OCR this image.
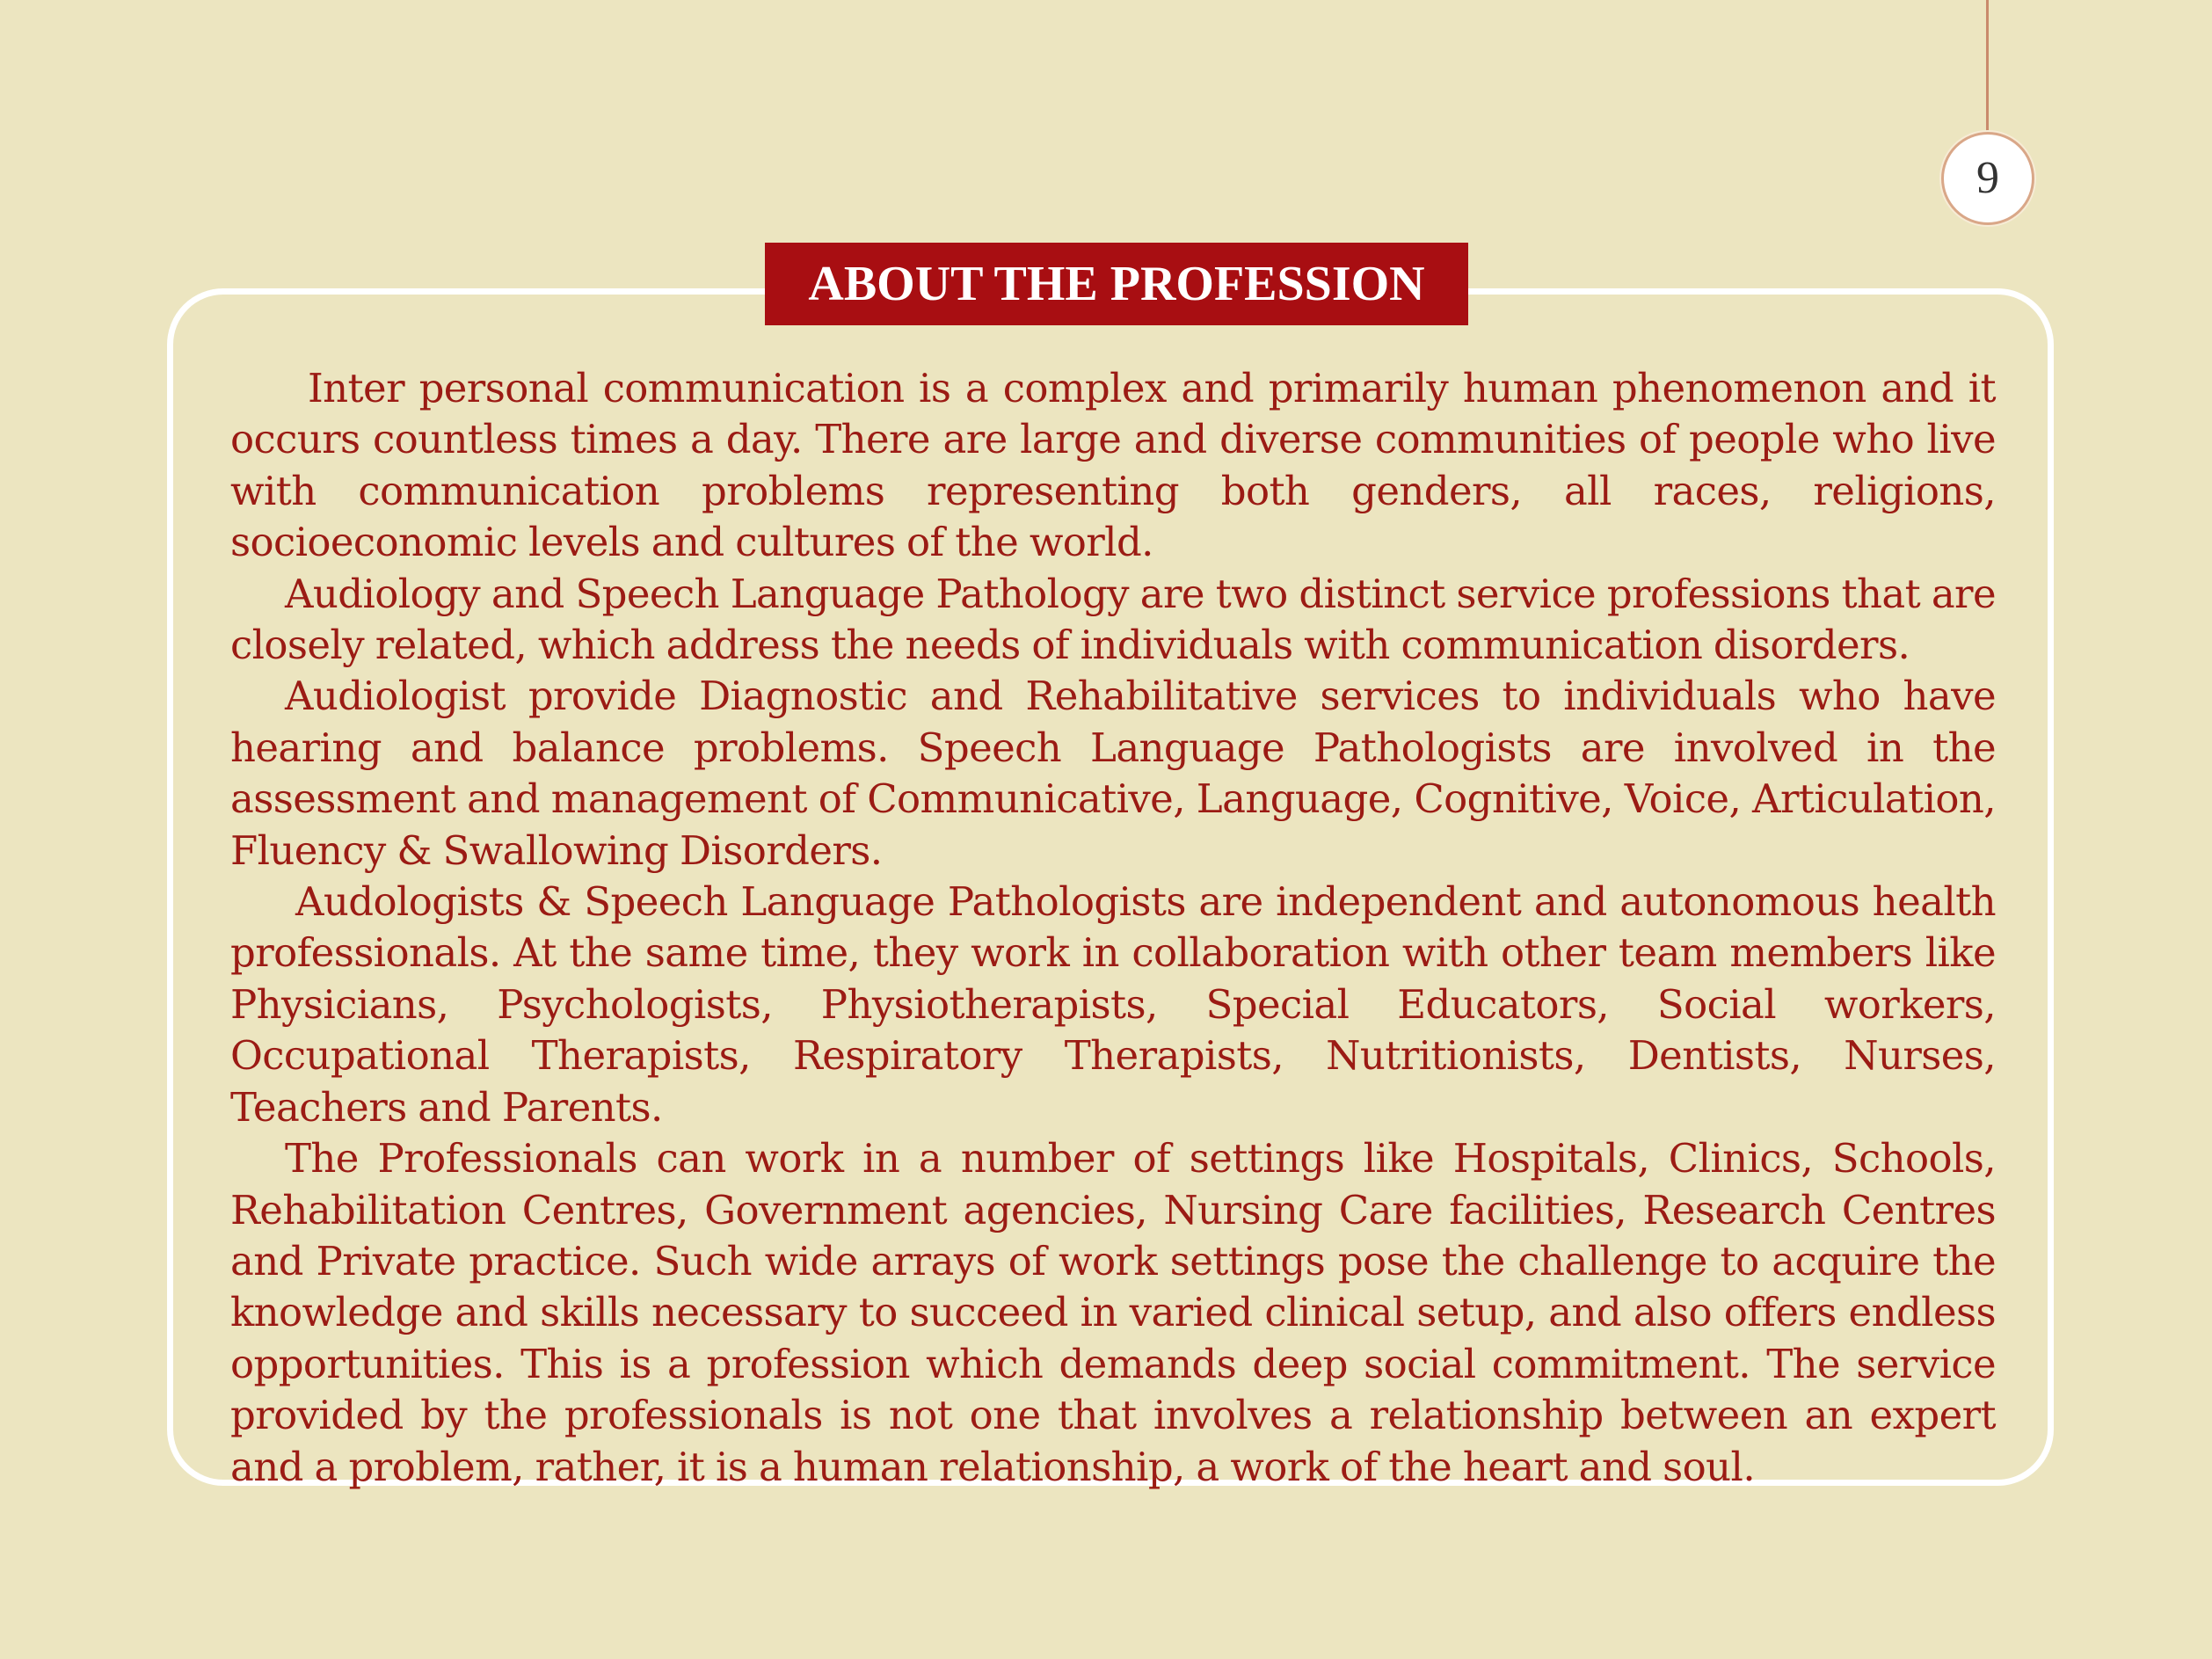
9
ABOUT THE PROFESSION

Inter personal communication is a complex and primarily human phenomenon and it occurs countless times a day. There are large and diverse communities of people who live with communication problems representing both genders, all races, religions, socioeconomic levels and cultures of the world.

Audiology and Speech Language Pathology are two distinct service professions that are closely related, which address the needs of individuals with communication disorders.

Audiologist provide Diagnostic and Rehabilitative services to individuals who have hearing and balance problems. Speech Language Pathologists are involved in the assessment and management of Communicative, Language, Cognitive, Voice, Articulation, Fluency & Swallowing Disorders.

Audologists & Speech Language Pathologists are independent and autonomous health professionals. At the same time, they work in collaboration with other team members like Physicians, Psychologists, Physiotherapists, Special Educators, Social workers, Occupational Therapists, Respiratory Therapists, Nutritionists, Dentists, Nurses, Teachers and Parents.

The Professionals can work in a number of settings like Hospitals, Clinics, Schools, Rehabilitation Centres, Government agencies, Nursing Care facilities, Research Centres and Private practice. Such wide arrays of work settings pose the challenge to acquire the knowledge and skills necessary to succeed in varied clinical setup, and also offers endless opportunities. This is a profession which demands deep social commitment. The service provided by the professionals is not one that involves a relationship between an expert and a problem, rather, it is a human relationship, a work of the heart and soul.
